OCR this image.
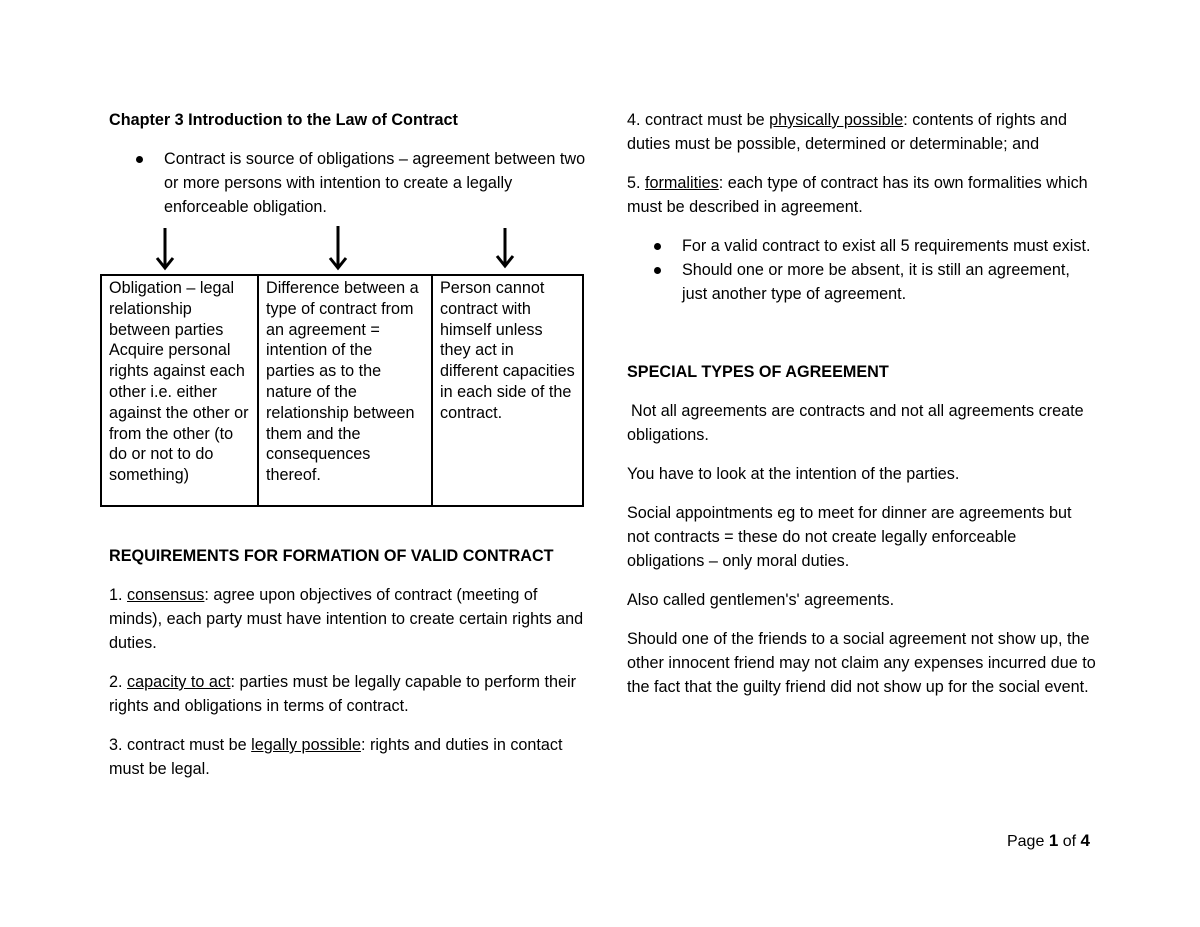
Chapter 3 Introduction to the Law of Contract

Contract is source of obligations – agreement between two or more persons with intention to create a legally enforceable obligation.
Obligation – legal relationship between parties Acquire personal rights against each other i.e. either against the other or from the other (to do or not to do something)	Difference between a type of contract from an agreement = intention of the parties as to the nature of the relationship between them and the consequences thereof.	Person cannot contract with himself unless they act in different capacities in each side of the contract.

REQUIREMENTS FOR FORMATION OF VALID CONTRACT

1. consensus: agree upon objectives of contract (meeting of minds), each party must have intention to create certain rights and duties.

2. capacity to act: parties must be legally capable to perform their rights and obligations in terms of contract.

3. contract must be legally possible: rights and duties in contact must be legal.

4. contract must be physically possible: contents of rights and duties must be possible, determined or determinable; and

5. formalities: each type of contract has its own formalities which must be described in agreement.

For a valid contract to exist all 5 requirements must exist.
Should one or more be absent, it is still an agreement, just another type of agreement.

SPECIAL TYPES OF AGREEMENT

Not all agreements are contracts and not all agreements create obligations.

You have to look at the intention of the parties.

Social appointments eg to meet for dinner are agreements but not contracts = these do not create legally enforceable obligations – only moral duties.

Also called gentlemen's' agreements.

Should one of the friends to a social agreement not show up, the other innocent friend may not claim any expenses incurred due to the fact that the guilty friend did not show up for the social event.

Page 1 of 4
